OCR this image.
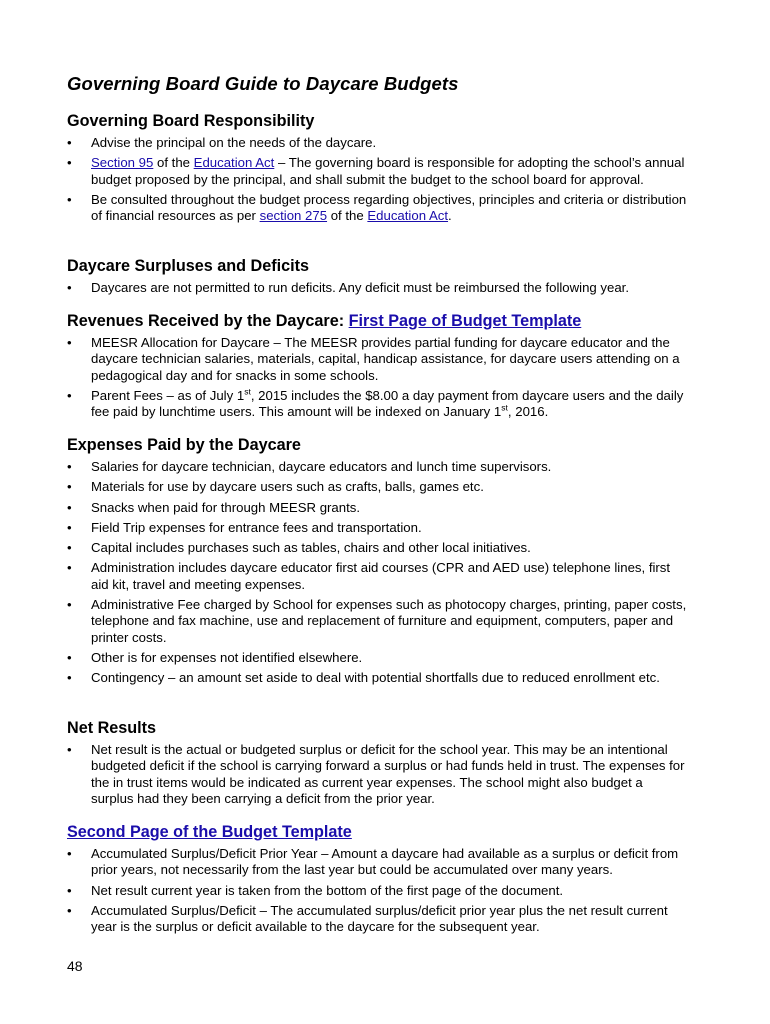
Governing Board Guide to Daycare Budgets
Governing Board Responsibility
• Advise the principal on the needs of the daycare.
• Section 95 of the Education Act – The governing board is responsible for adopting the school’s annual budget proposed by the principal, and shall submit the budget to the school board for approval.
• Be consulted throughout the budget process regarding objectives, principles and criteria or distribution of financial resources as per section 275 of the Education Act.
Daycare Surpluses and Deficits
• Daycares are not permitted to run deficits. Any deficit must be reimbursed the following year.
Revenues Received by the Daycare: First Page of Budget Template
• MEESR Allocation for Daycare – The MEESR provides partial funding for daycare educator and the daycare technician salaries, materials, capital, handicap assistance, for daycare users attending on a pedagogical day and for snacks in some schools.
• Parent Fees – as of July 1st, 2015 includes the $8.00 a day payment from daycare users and the daily fee paid by lunchtime users. This amount will be indexed on January 1st, 2016.
Expenses Paid by the Daycare
• Salaries for daycare technician, daycare educators and lunch time supervisors.
• Materials for use by daycare users such as crafts, balls, games etc.
• Snacks when paid for through MEESR grants.
• Field Trip expenses for entrance fees and transportation.
• Capital includes purchases such as tables, chairs and other local initiatives.
• Administration includes daycare educator first aid courses (CPR and AED use) telephone lines, first aid kit, travel and meeting expenses.
• Administrative Fee charged by School for expenses such as photocopy charges, printing, paper costs, telephone and fax machine, use and replacement of furniture and equipment, computers, paper and printer costs.
• Other is for expenses not identified elsewhere.
• Contingency – an amount set aside to deal with potential shortfalls due to reduced enrollment etc.
Net Results
• Net result is the actual or budgeted surplus or deficit for the school year. This may be an intentional budgeted deficit if the school is carrying forward a surplus or had funds held in trust. The expenses for the in trust items would be indicated as current year expenses. The school might also budget a surplus had they been carrying a deficit from the prior year.
Second Page of the Budget Template
• Accumulated Surplus/Deficit Prior Year – Amount a daycare had available as a surplus or deficit from prior years, not necessarily from the last year but could be accumulated over many years.
• Net result current year is taken from the bottom of the first page of the document.
• Accumulated Surplus/Deficit – The accumulated surplus/deficit prior year plus the net result current year is the surplus or deficit available to the daycare for the subsequent year.
48
